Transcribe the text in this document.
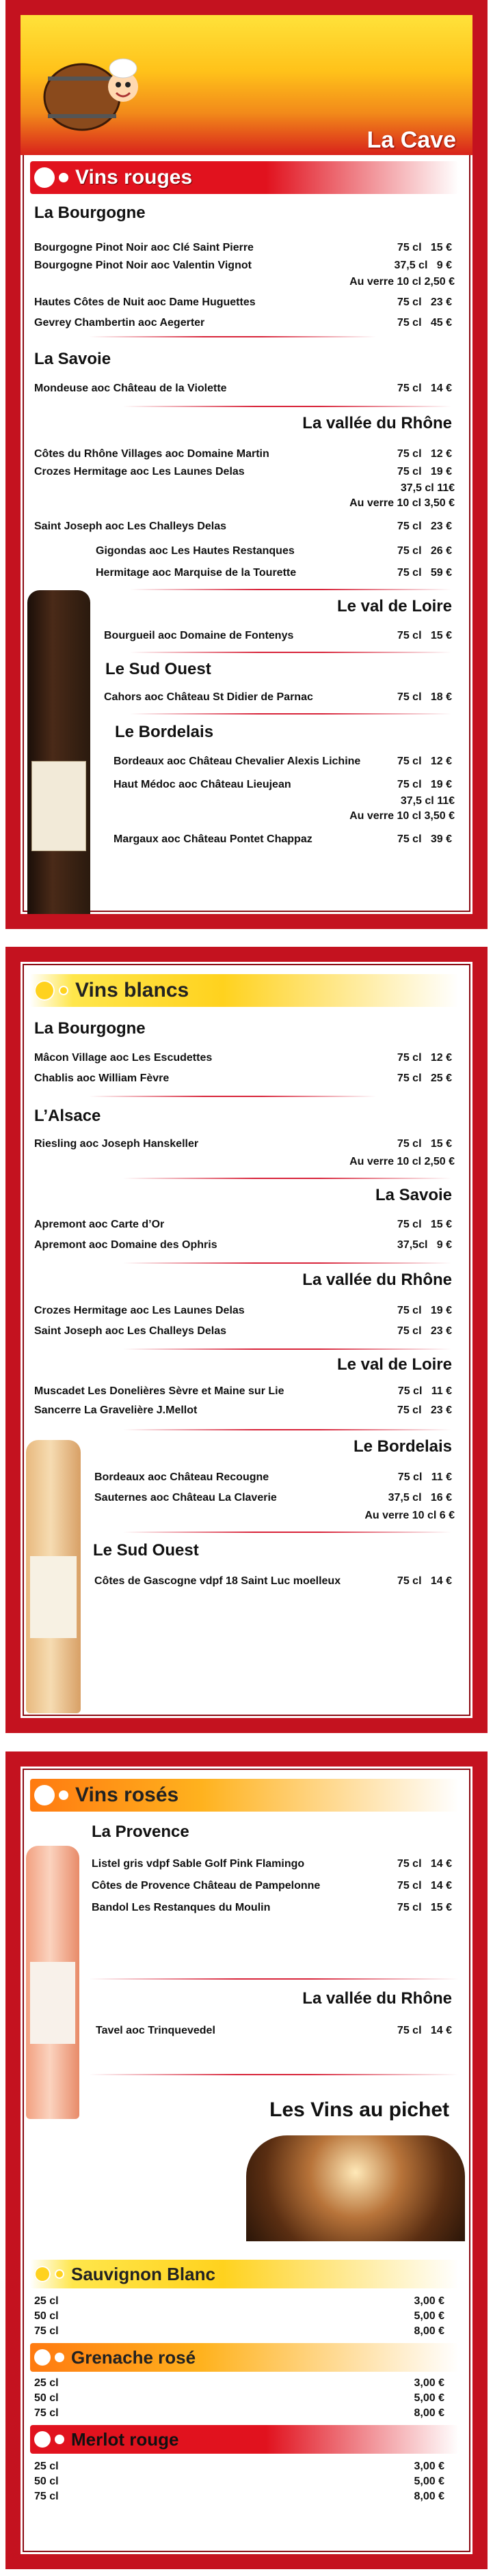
La Cave
Vins rouges
La Bourgogne
Bourgogne Pinot Noir aoc Clé Saint Pierre	75 cl 15 €
Bourgogne Pinot Noir aoc Valentin Vignot	37,5 cl 9 €
Au verre 10 cl 2,50 €
Hautes Côtes de Nuit aoc Dame Huguettes	75 cl 23 €
Gevrey Chambertin aoc Aegerter	75 cl 45 €
La Savoie
Mondeuse aoc Château de la Violette	75 cl 14 €
La vallée du Rhône
Côtes du Rhône Villages aoc Domaine Martin	75 cl 12 €
Crozes Hermitage aoc Les Launes Delas	75 cl 19 €
37,5 cl 11€
Au verre 10 cl 3,50 €
Saint Joseph aoc Les Challeys Delas	75 cl 23 €
Gigondas aoc Les Hautes Restanques	75 cl 26 €
Hermitage aoc Marquise de la Tourette	75 cl 59 €
Le val de Loire
Bourgueil aoc Domaine de Fontenys	75 cl 15 €
Le Sud Ouest
Cahors aoc Château St Didier de Parnac	75 cl 18 €
Le Bordelais
Bordeaux aoc Château Chevalier Alexis Lichine	75 cl 12 €
Haut Médoc aoc Château Lieujean	75 cl 19 €
37,5 cl 11€
Au verre 10 cl 3,50 €
Margaux aoc Château Pontet Chappaz	75 cl 39 €
Vins blancs
La Bourgogne
Mâcon Village aoc Les Escudettes	75 cl 12 €
Chablis aoc William Fèvre	75 cl 25 €
L’Alsace
Riesling aoc Joseph Hanskeller	75 cl 15 €
Au verre 10 cl 2,50 €
La Savoie
Apremont aoc Carte d’Or	75 cl 15 €
Apremont aoc Domaine des Ophris	37,5cl 9 €
La vallée du Rhône
Crozes Hermitage aoc Les Launes Delas	75 cl 19 €
Saint Joseph aoc Les Challeys Delas	75 cl 23 €
Le val de Loire
Muscadet Les Donelières Sèvre et Maine sur Lie	75 cl 11 €
Sancerre La Gravelière J.Mellot	75 cl 23 €
Le Bordelais
Bordeaux aoc Château Recougne	75 cl 11 €
Sauternes aoc Château La Claverie	37,5 cl 16 €
Au verre 10 cl 6 €
Le Sud Ouest
Côtes de Gascogne vdpf 18 Saint Luc moelleux	75 cl 14 €
Vins rosés
La Provence
Listel gris vdpf Sable Golf Pink Flamingo	75 cl 14 €
Côtes de Provence Château de Pampelonne	75 cl 14 €
Bandol Les Restanques du Moulin	75 cl 15 €
La vallée du Rhône
Tavel aoc Trinquevedel	75 cl 14 €
Les Vins au pichet
Sauvignon Blanc
25 cl	3,00 €
50 cl	5,00 €
75 cl	8,00 €
Grenache rosé
25 cl	3,00 €
50 cl	5,00 €
75 cl	8,00 €
Merlot rouge
25 cl	3,00 €
50 cl	5,00 €
75 cl	8,00 €
